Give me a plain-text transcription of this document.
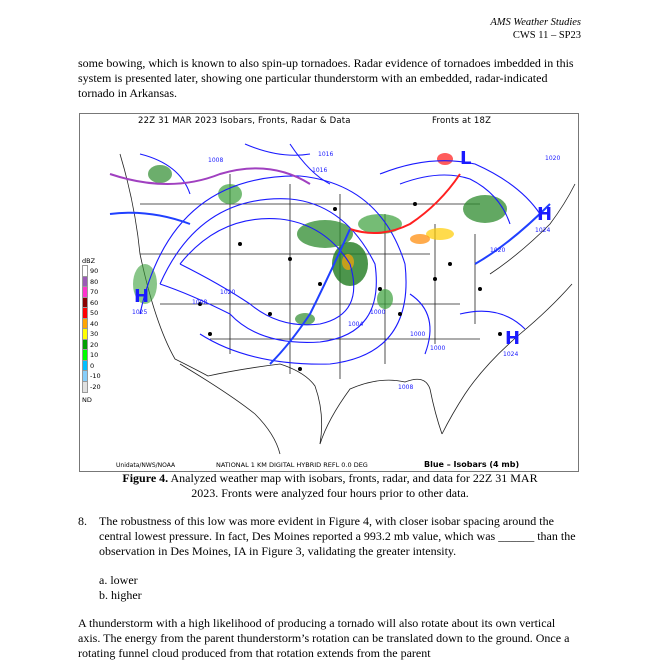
AMS Weather Studies
CWS 11 – SP23
some bowing, which is known to also spin-up tornadoes. Radar evidence of tornadoes imbedded in this system is presented later, showing one particular thunderstorm with an embedded, radar-indicated tornado in Arkansas.
22Z 31 MAR 2023 Isobars, Fronts, Radar & Data	Fronts at 18Z
dBZ
90
80
70
60
50
40
30
20
10
0
-10
-20
ND
1008
1016
1016
1020
1020
1020
1004
1000
1000
1000
1008
1008
L
H
1024
H
1024
H
1025
Unidata/NWS/NOAA	NATIONAL 1 KM DIGITAL HYBRID REFL 0.0 DEG	Blue – Isobars (4 mb)
Figure 4. Analyzed weather map with isobars, fronts, radar, and data for 22Z 31 MAR 2023. Fronts were analyzed four hours prior to other data.
8. The robustness of this low was more evident in Figure 4, with closer isobar spacing around the central lowest pressure. In fact, Des Moines reported a 993.2 mb value, which was ______ than the observation in Des Moines, IA in Figure 3, validating the greater intensity.
a. lower
b. higher
A thunderstorm with a high likelihood of producing a tornado will also rotate about its own vertical axis. The energy from the parent thunderstorm’s rotation can be translated down to the ground. Once a rotating funnel cloud produced from that rotation extends from the parent
